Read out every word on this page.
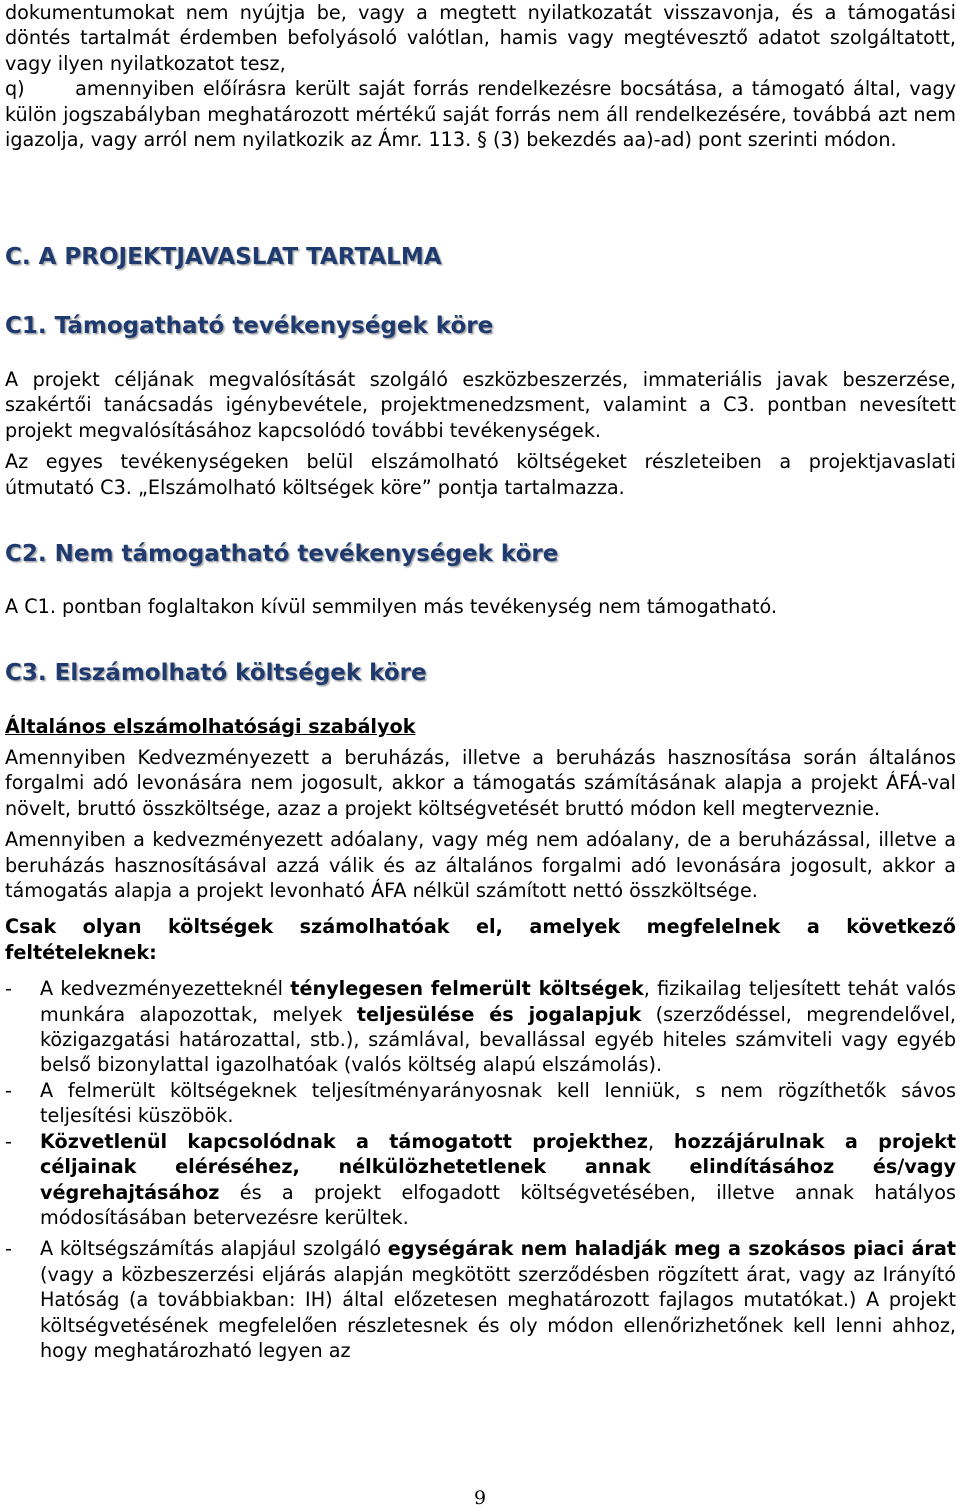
dokumentumokat nem nyújtja be, vagy a megtett nyilatkozatát visszavonja, és a támogatási döntés tartalmát érdemben befolyásoló valótlan, hamis vagy megtévesztő adatot szolgáltatott, vagy ilyen nyilatkozatot tesz,

q)	amennyiben előírásra került saját forrás rendelkezésre bocsátása, a támogató által, vagy külön jogszabályban meghatározott mértékű saját forrás nem áll rendelkezésére, továbbá azt nem igazolja, vagy arról nem nyilatkozik az Ámr. 113. § (3) bekezdés aa)-ad) pont szerinti módon.

C. A PROJEKTJAVASLAT TARTALMA
C1. Támogatható tevékenységek köre

A projekt céljának megvalósítását szolgáló eszközbeszerzés, immateriális javak beszerzése, szakértői tanácsadás igénybevétele, projektmenedzsment, valamint a C3. pontban nevesített projekt megvalósításához kapcsolódó további tevékenységek.

Az egyes tevékenységeken belül elszámolható költségeket részleteiben a projektjavaslati útmutató C3. „Elszámolható költségek köre” pontja tartalmazza.

C2. Nem támogatható tevékenységek köre

A C1. pontban foglaltakon kívül semmilyen más tevékenység nem támogatható.

C3. Elszámolható költségek köre
Általános elszámolhatósági szabályok

Amennyiben Kedvezményezett a beruházás, illetve a beruházás hasznosítása során általános forgalmi adó levonására nem jogosult, akkor a támogatás számításának alapja a projekt ÁFÁ-val növelt, bruttó összköltsége, azaz a projekt költségvetését bruttó módon kell megterveznie.

Amennyiben a kedvezményezett adóalany, vagy még nem adóalany, de a beruházással, illetve a beruházás hasznosításával azzá válik és az általános forgalmi adó levonására jogosult, akkor a támogatás alapja a projekt levonható ÁFA nélkül számított nettó összköltsége.

Csak olyan költségek számolhatóak el, amelyek megfelelnek a következő feltételeknek:

- A kedvezményezetteknél ténylegesen felmerült költségek, fizikailag teljesített tehát valós munkára alapozottak, melyek teljesülése és jogalapjuk (szerződéssel, megrendelővel, közigazgatási határozattal, stb.), számlával, bevallással egyéb hiteles számviteli vagy egyéb belső bizonylattal igazolhatóak (valós költség alapú elszámolás).
- A felmerült költségeknek teljesítményarányosnak kell lenniük, s nem rögzíthetők sávos teljesítési küszöbök.
- Közvetlenül kapcsolódnak a támogatott projekthez, hozzájárulnak a projekt céljainak eléréséhez, nélkülözhetetlenek annak elindításához és/vagy végrehajtásához és a projekt elfogadott költségvetésében, illetve annak hatályos módosításában betervezésre kerültek.
- A költségszámítás alapjául szolgáló egységárak nem haladják meg a szokásos piaci árat (vagy a közbeszerzési eljárás alapján megkötött szerződésben rögzített árat, vagy az Irányító Hatóság (a továbbiakban: IH) által előzetesen meghatározott fajlagos mutatókat.) A projekt költségvetésének megfelelően részletesnek és oly módon ellenőrizhetőnek kell lenni ahhoz, hogy meghatározható legyen az
9
